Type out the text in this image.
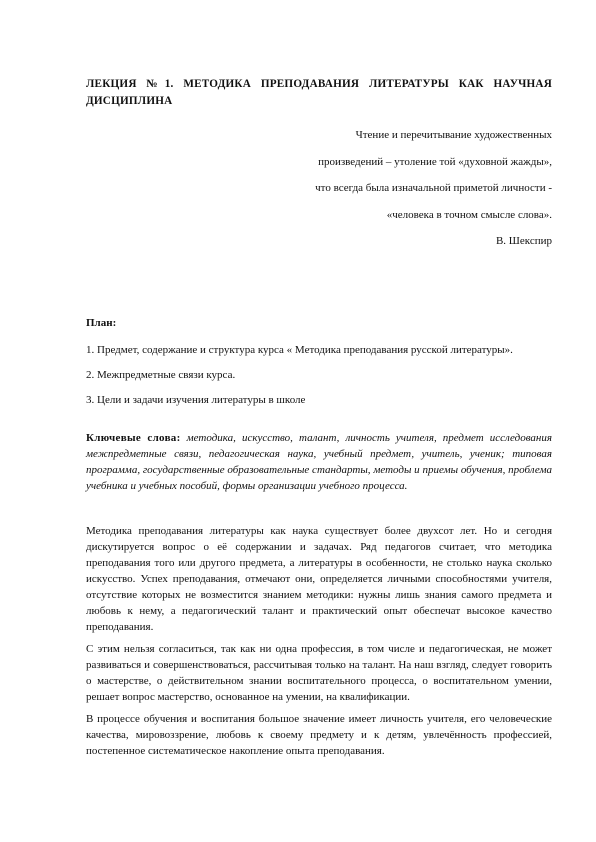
ЛЕКЦИЯ №1. МЕТОДИКА ПРЕПОДАВАНИЯ ЛИТЕРАТУРЫ КАК НАУЧНАЯ
ДИСЦИПЛИНА
Чтение и перечитывание художественных
произведений – утоление той «духовной жажды»,
что всегда была изначальной приметой личности -
«человека в точном смысле слова».
В. Шекспир
План:
1. Предмет, содержание и структура курса « Методика преподавания русской литературы».
2. Межпредметные связи курса.
3. Цели и задачи изучения литературы в школе

Ключевые слова: методика, искусство, талант, личность учителя, предмет исследования межпредметные связи, педагогическая наука, учебный предмет, учитель, ученик; типовая программа, государственные образовательные стандарты, методы и приемы обучения, проблема учебника и учебных пособий, формы организации учебного процесса.

Методика преподавания литературы как наука существует более двухсот лет. Но и сегодня дискутируется вопрос о её содержании и задачах. Ряд педагогов считает, что методика преподавания того или другого предмета, а литературы в особенности, не столько наука сколько искусство. Успех преподавания, отмечают они, определяется личными способностями учителя, отсутствие которых не возместится знанием методики: нужны лишь знания самого предмета и любовь к нему, а педагогический талант и практический опыт обеспечат высокое качество преподавания.

С этим нельзя согласиться, так как ни одна профессия, в том числе и педагогическая, не может развиваться и совершенствоваться, рассчитывая только на талант. На наш взгляд, следует говорить о мастерстве, о действительном знании воспитательного процесса, о воспитательном умении, решает вопрос мастерство, основанное на умении, на квалификации.

В процессе обучения и воспитания большое значение имеет личность учителя, его человеческие качества, мировоззрение, любовь к своему предмету и к детям, увлечённость профессией, постепенное систематическое накопление опыта преподавания.
